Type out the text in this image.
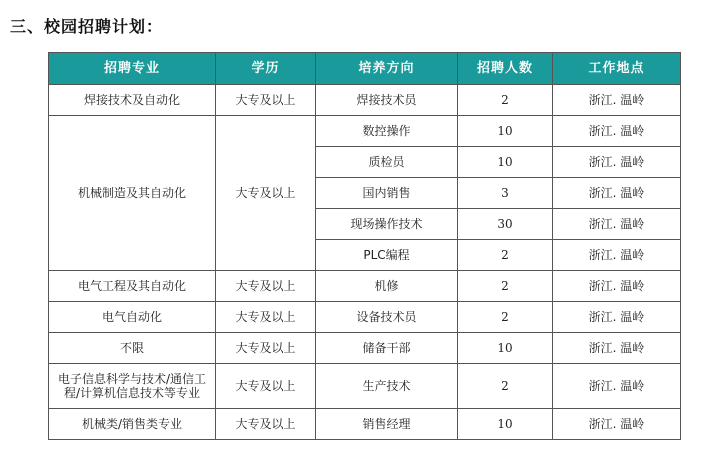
三、校园招聘计划：
招聘专业	学历	培养方向	招聘人数	工作地点
焊接技术及自动化	大专及以上	焊接技术员	2	浙江. 温岭
机械制造及其自动化	大专及以上	数控操作	10	浙江. 温岭
		质检员	10	浙江. 温岭
		国内销售	3	浙江. 温岭
		现场操作技术	30	浙江. 温岭
		PLC编程	2	浙江. 温岭
电气工程及其自动化	大专及以上	机修	2	浙江. 温岭
电气自动化	大专及以上	设备技术员	2	浙江. 温岭
不限	大专及以上	储备干部	10	浙江. 温岭
电子信息科学与技术/通信工程/计算机信息技术等专业	大专及以上	生产技术	2	浙江. 温岭
机械类/销售类专业	大专及以上	销售经理	10	浙江. 温岭
